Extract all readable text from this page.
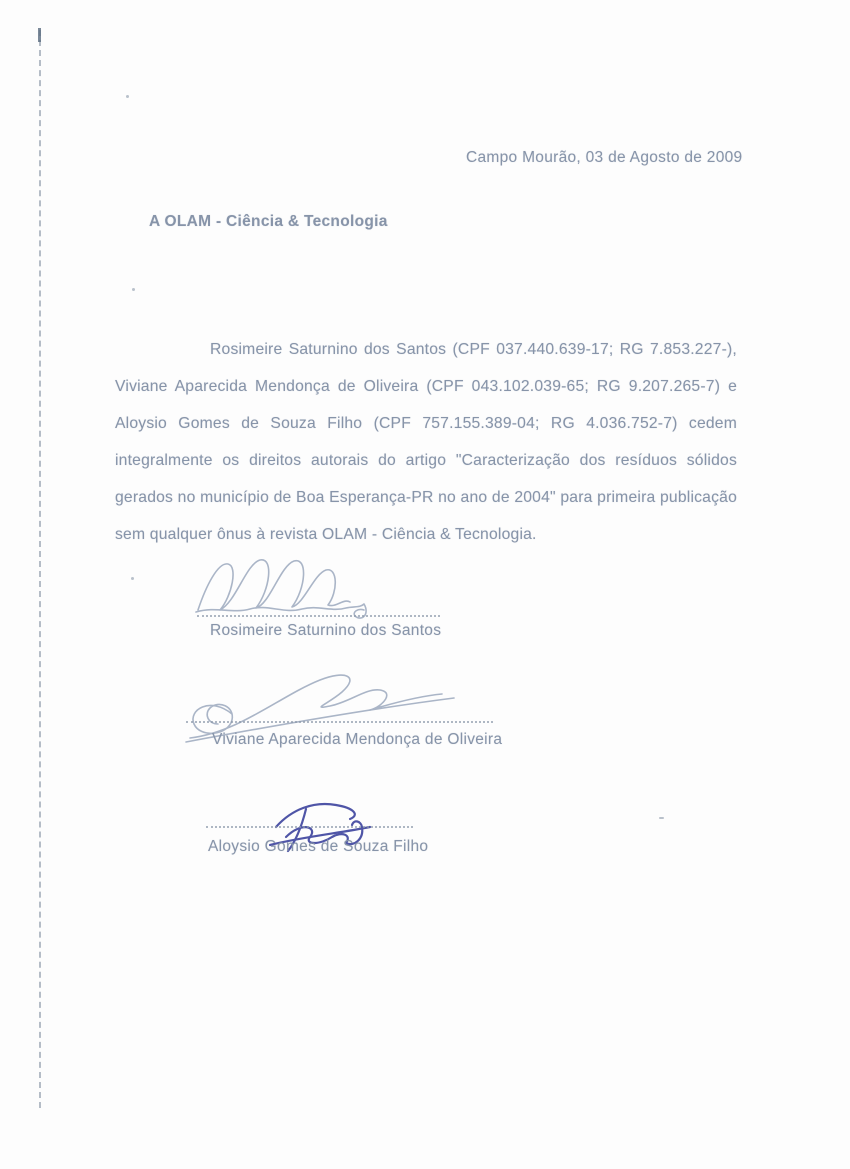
Campo Mourão, 03 de Agosto de 2009
A OLAM - Ciência & Tecnologia

Rosimeire Saturnino dos Santos (CPF 037.440.639-17; RG 7.853.227-), Viviane Aparecida Mendonça de Oliveira (CPF 043.102.039-65; RG 9.207.265-7) e Aloysio Gomes de Souza Filho (CPF 757.155.389-04; RG 4.036.752-7) cedem integralmente os direitos autorais do artigo "Caracterização dos resíduos sólidos gerados no município de Boa Esperança-PR no ano de 2004" para primeira publicação sem qualquer ônus à revista OLAM - Ciência & Tecnologia.

Rosimeire Saturnino dos Santos
Viviane Aparecida Mendonça de Oliveira
Aloysio Gomes de Souza Filho
